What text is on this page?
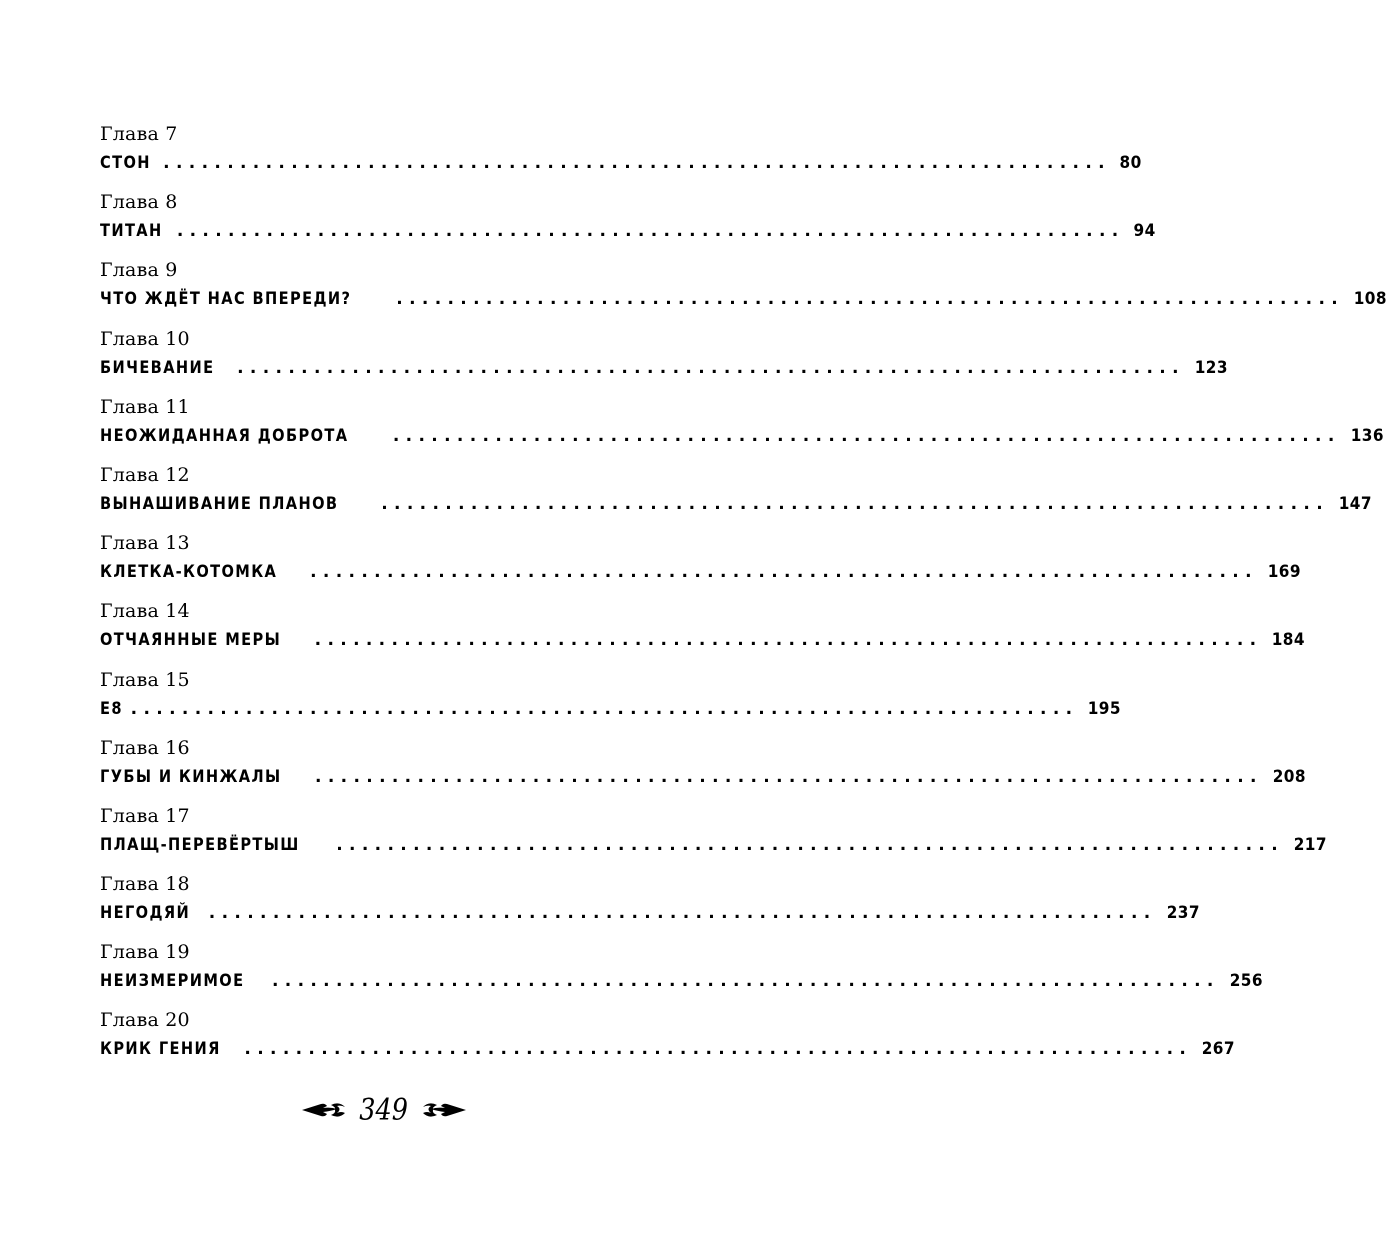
Глава 7
СТОН .......................................................................... 80
Глава 8
ТИТАН .......................................................................... 94
Глава 9
ЧТО ЖДЁТ НАС ВПЕРЕДИ?	.......................................................................... 108
Глава 10
БИЧЕВАНИЕ .......................................................................... 123
Глава 11
НЕОЖИДАННАЯ ДОБРОТА	.......................................................................... 136
Глава 12
ВЫНАШИВАНИЕ ПЛАНОВ	.......................................................................... 147
Глава 13
КЛЕТКА-КОТОМКА .......................................................................... 169
Глава 14
ОТЧАЯННЫЕ МЕРЫ .......................................................................... 184
Глава 15
Е8 .......................................................................... 195
Глава 16
ГУБЫ И КИНЖАЛЫ .......................................................................... 208
Глава 17
ПЛАЩ-ПЕРЕВЁРТЫШ .......................................................................... 217
Глава 18
НЕГОДЯЙ .......................................................................... 237
Глава 19
НЕИЗМЕРИМОЕ .......................................................................... 256
Глава 20
КРИК ГЕНИЯ .......................................................................... 267
349
